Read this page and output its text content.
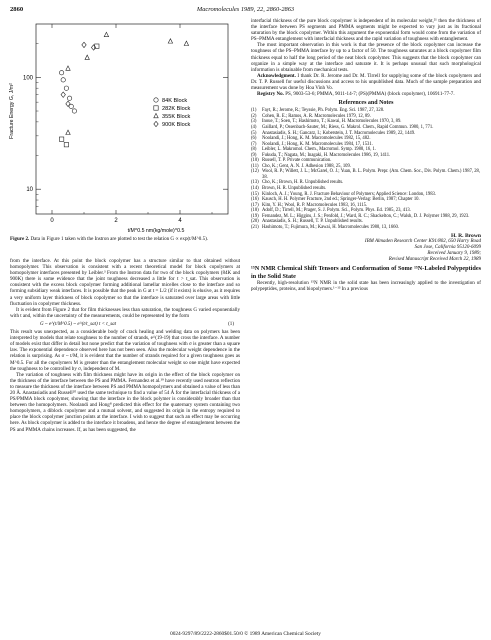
2860	Macromolecules 1989, 22, 2860-2863
0	2	4
100
10
84K Block
282K Block
355K Block
900K Block
Fracture Energy G, J/m²
t/M^0.5 nm(kg/mole)^0.5
Figure 2. Data in Figure 1 taken with the Instron are plotted to test the relation G ∝ exp(t/M^0.5).

from the interface. At this point the block copolymer has a structure similar to that obtained without homopolymer. This observation is consistent with a recent theoretical model for block copolymers at homopolymer interfaces presented by Leibler.³ From the Instron data for two of the block copolymers (84K and 900K) there is some evidence that the joint toughness decreased a little for t > t_sat. This observation is consistent with the excess block copolymer forming additional lamellar micelles close to the interface and so forming subsidiary weak interfaces. It is possible that the peak in G at t = L/2 (if it exists) is elusive, as it requires a very uniform layer thickness of block copolymer so that the interface is saturated over large areas with little fluctuation in copolymer thickness.

It is evident from Figure 2 that for film thicknesses less than saturation, the toughness G varied exponentially with t and, within the uncertainty of the measurements, could be represented by the form

G ~ e^(t/M^0.5) ~ e^(t/t_sat) t < t_sat	(1)

This result was unexpected, as a considerable body of crack healing and welding data on polymers has been interpreted by models that relate toughness to the number of strands, e^(19-19) that cross the interface. A number of models exist that differ in detail but none predict that the variation of toughness with σ is greater than a square law. The exponential dependence observed here has not been seen. Also the molecular weight dependence in the relation is surprising. As σ ~ t/M, it is evident that the number of strands required for a given toughness goes as M^0.5. For all the copolymers M is greater than the entanglement molecular weight so one might have expected the toughness to be controlled by σ, independent of M.

The variation of toughness with film thickness might have its origin in the effect of the block copolymer on the thickness of the interface between the PS and PMMA. Fernandez et al.¹⁹ have recently used neutron reflection to measure the thickness of the interface between PS and PMMA homopolymers and obtained a value of less than 20 Å. Anastasiadis and Russell²⁰ used the same technique to find a value of 54 Å for the interfacial thickness of a PS/PMMA block copolymer, showing that the interface in the block polymer is considerably broader than that between the homopolymers. Noolandi and Hong⁸ predicted this effect for the quaternary system containing two homopolymers, a diblock copolymer and a mutual solvent, and suggested its origin in the entropy required to place the block copolymer junction points at the interface. I wish to suggest that such an effect may be occurring here. As block copolymer is added to the interface it broadens, and hence the degree of entanglement between the PS and PMMA chains increases. If, as has been suggested, the

interfacial thickness of the pure block copolymer is independent of its molecular weight,²¹ then the thickness of the interface between PS segments and PMMA segments might be expected to vary just as its fractional saturation by the block copolymer. Within this argument the exponential form would come from the variation of PS–PMMA entanglement with interfacial thickness and the rapid variation of toughness with entanglement.

The most important observation in this work is that the presence of the block copolymer can increase the toughness of the PS–PMMA interface by up to a factor of 50. The toughness saturates at a block copolymer film thickness equal to half the long period of the neat block copolymer. This suggests that the block copolymer can organize in a simple way at the interface and saturate it. It is perhaps unusual that such morphological information is obtainable from mechanical tests.

Acknowledgment. I thank Dr. R. Jerome and Dr. M. Tirrell for supplying some of the block copolymers and Dr. T. P. Russell for useful discussions and access to his unpublished data. Much of the sample preparation and measurement was done by Hoa Vinh Vo.

Registry No. PS, 9003-53-6; PMMA, 9011-14-7; (PS)(PMMA) (block copolymer), 106911-77-7.

References and Notes
(1)	Fayt, R.; Jerome, R.; Teyssie, Ph. Polym. Eng. Sci. 1987, 27, 328.
(2)	Cohen, R. E.; Ramos, A. R. Macromolecules 1979, 12, 89.
(3)	Inoue, T.; Soen, T.; Hashimoto, T.; Kawai, H. Macromolecules 1970, 3, 89.
(4)	Gaillard, P.; Ossenbach-Sauter, M.; Riess, G. Makrol. Chem., Rapid Commun. 1980, 1, 771.
(5)	Anastasiadis, S. H.; Gancarz, I.; Koberstein, J. T. Macromolecules 1989, 22, 1449.
(6)	Noolandi, J.; Hong, K. M. Macromolecules 1982, 15, 482.
(7)	Noolandi, J.; Hong, K. M. Macromolecules 1984, 17, 1531.
(8)	Leibler, L. Makromol. Chem., Macromol. Symp. 1988, 16, 1.
(9)	Fukuda, T.; Nagata, M.; Inagaki, H. Macromolecules 1986, 19, 1411.
(10) Russell, T. P. Private communication.
(11) Cho, K.; Gent, A. N. J. Adhesion 1988, 25, 109.
(12) Wool, R. P.; Willett, J. L.; McGarel, O. J.; Yuan, B. L. Polym. Prepr. (Am. Chem. Soc., Div. Polym. Chem.) 1987, 28, 38.
(13) Cho, K.; Brown, H. R. Unpublished results.
(14) Brown, H. R. Unpublished results.
(15) Kinloch, A. J.; Young, R. J. Fracture Behaviour of Polymers; Applied Science: London, 1983.
(16) Kausch, H. H. Polymer Fracture, 2nd ed.; Springer-Verlag: Berlin, 1987; Chapter 10.
(17) Kim, Y. H.; Wool, R. P. Macromolecules 1983, 16, 1115.
(18) Adolf, D.; Tirrell, M.; Prager, S. J. Polym. Sci., Polym. Phys. Ed. 1985, 23, 413.
(19) Fernandez, M. L.; Higgins, J. S.; Penfold, J.; Ward, R. C.; Shackelton, C.; Walsh, D. J. Polymer 1988, 29, 1923.
(20) Anastasiadis, S. H.; Russell, T. P. Unpublished results.
(21) Hashimoto, T.; Fujimura, M.; Kawai, H. Macromolecules 1980, 13, 1660.
H. R. Brown
IBM Almaden Research Center K91/802, 650 Harry Road
San Jose, California 95120-6099
Received January 9, 1989;
Revised Manuscript Received March 22, 1989
¹⁵N NMR Chemical Shift Tensors and Conformation of Some ¹⁵N-Labeled Polypeptides in the Solid State

Recently, high-resolution ¹⁵N NMR in the solid state has been increasingly applied to the investigation of polypeptides, proteins, and biopolymers.¹⁻¹³ In a previous

0024-9297/89/2222-2860$01.50/0 © 1989 American Chemical Society
